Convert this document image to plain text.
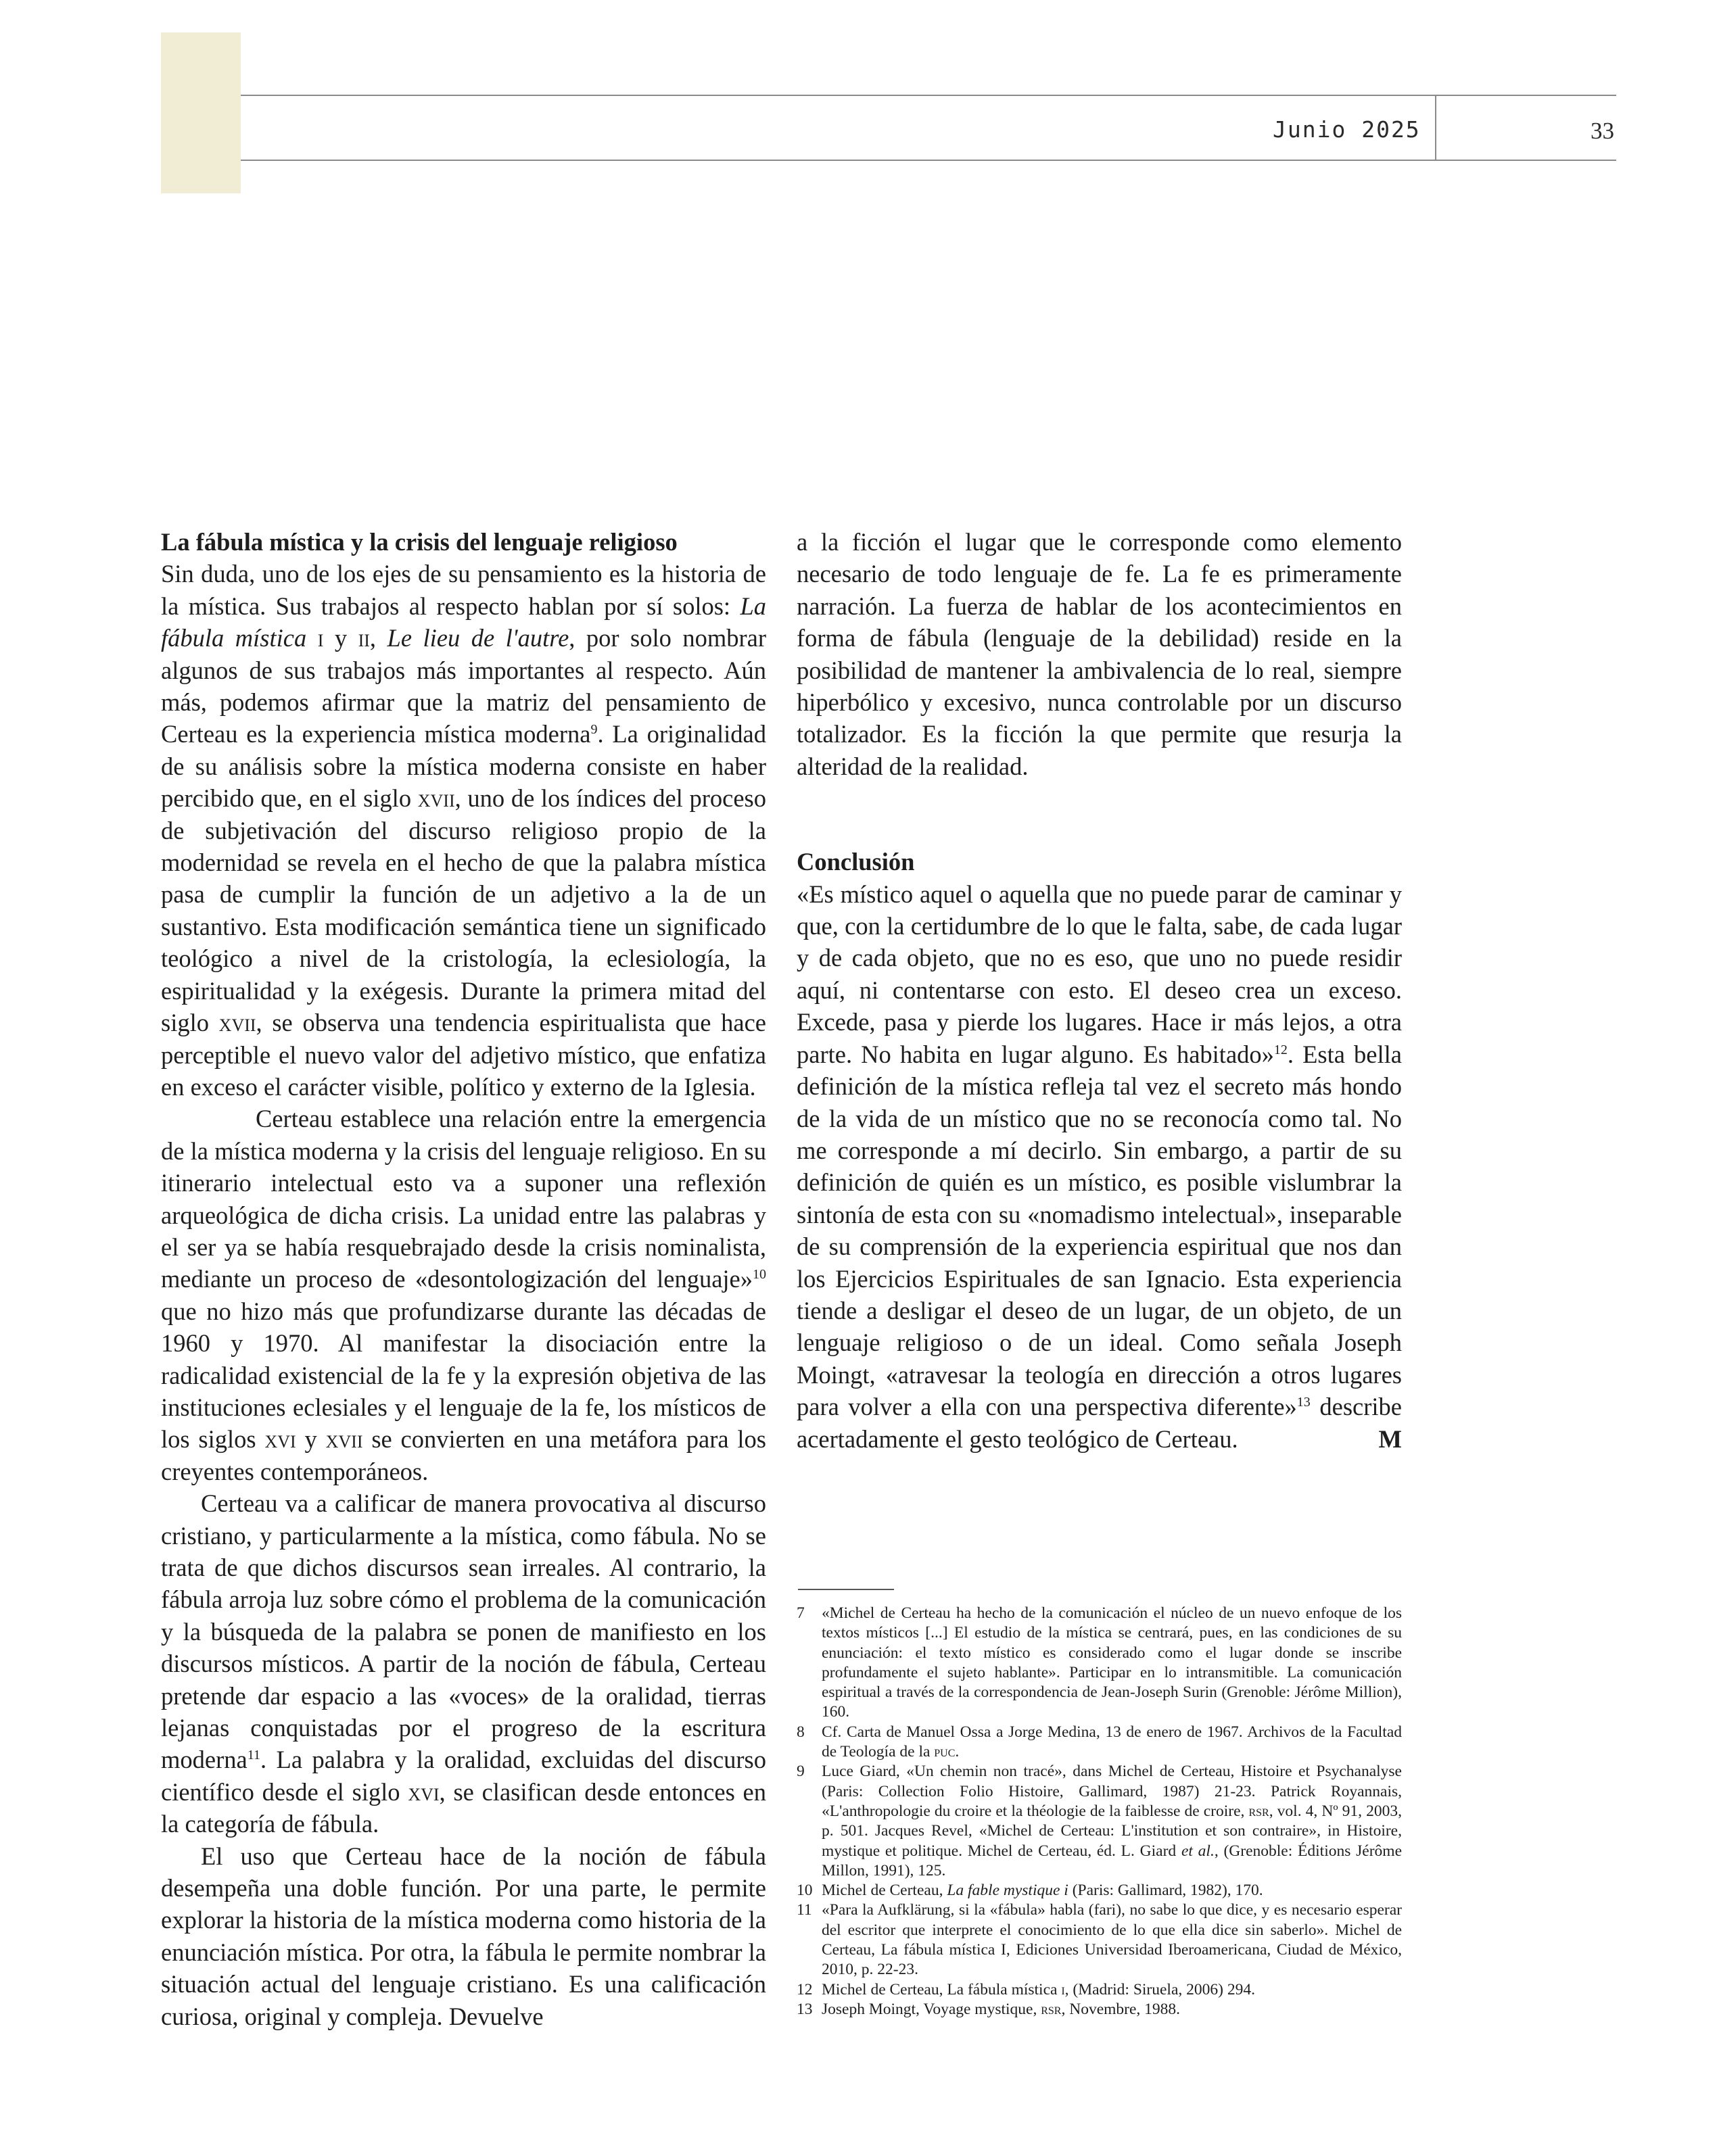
Junio 2025	33
La fábula mística y la crisis del lenguaje religioso

Sin duda, uno de los ejes de su pensamiento es la historia de la mística. Sus trabajos al respecto hablan por sí solos: La fábula mística i y ii, Le lieu de l'autre, por solo nombrar algunos de sus trabajos más importantes al respecto. Aún más, podemos afirmar que la matriz del pensamiento de Certeau es la experiencia mística moderna$^9$. La originalidad de su análisis sobre la mística moderna consiste en haber percibido que, en el siglo xvii, uno de los índices del proceso de subjetivación del discurso religioso propio de la modernidad se revela en el hecho de que la palabra mística pasa de cumplir la función de un adjetivo a la de un sustantivo. Esta modificación semántica tiene un significado teológico a nivel de la cristología, la eclesiología, la espiritualidad y la exégesis. Durante la primera mitad del siglo xvii, se observa una tendencia espiritualista que hace perceptible el nuevo valor del adjetivo místico, que enfatiza en exceso el carácter visible, político y externo de la Iglesia.

Certeau establece una relación entre la emergencia de la mística moderna y la crisis del lenguaje religioso. En su itinerario intelectual esto va a suponer una reflexión arqueológica de dicha crisis. La unidad entre las palabras y el ser ya se había resquebrajado desde la crisis nominalista, mediante un proceso de «desontologización del lenguaje»$^{10}$ que no hizo más que profundizarse durante las décadas de 1960 y 1970. Al manifestar la disociación entre la radicalidad existencial de la fe y la expresión objetiva de las instituciones eclesiales y el lenguaje de la fe, los místicos de los siglos xvi y xvii se convierten en una metáfora para los creyentes contemporáneos.

Certeau va a calificar de manera provocativa al discurso cristiano, y particularmente a la mística, como fábula. No se trata de que dichos discursos sean irreales. Al contrario, la fábula arroja luz sobre cómo el problema de la comunicación y la búsqueda de la palabra se ponen de manifiesto en los discursos místicos. A partir de la noción de fábula, Certeau pretende dar espacio a las «voces» de la oralidad, tierras lejanas conquistadas por el progreso de la escritura moderna$^{11}$. La palabra y la oralidad, excluidas del discurso científico desde el siglo xvi, se clasifican desde entonces en la categoría de fábula.

El uso que Certeau hace de la noción de fábula desempeña una doble función. Por una parte, le permite explorar la historia de la mística moderna como historia de la enunciación mística. Por otra, la fábula le permite nombrar la situación actual del lenguaje cristiano. Es una calificación curiosa, original y compleja. Devuelve

a la ficción el lugar que le corresponde como elemento necesario de todo lenguaje de fe. La fe es primeramente narración. La fuerza de hablar de los acontecimientos en forma de fábula (lenguaje de la debilidad) reside en la posibilidad de mantener la ambivalencia de lo real, siempre hiperbólico y excesivo, nunca controlable por un discurso totalizador. Es la ficción la que permite que resurja la alteridad de la realidad.

Conclusión

«Es místico aquel o aquella que no puede parar de caminar y que, con la certidumbre de lo que le falta, sabe, de cada lugar y de cada objeto, que no es eso, que uno no puede residir aquí, ni contentarse con esto. El deseo crea un exceso. Excede, pasa y pierde los lugares. Hace ir más lejos, a otra parte. No habita en lugar alguno. Es habitado»$^{12}$. Esta bella definición de la mística refleja tal vez el secreto más hondo de la vida de un místico que no se reconocía como tal. No me corresponde a mí decirlo. Sin embargo, a partir de su definición de quién es un místico, es posible vislumbrar la sintonía de esta con su «nomadismo intelectual», inseparable de su comprensión de la experiencia espiritual que nos dan los Ejercicios Espirituales de san Ignacio. Esta experiencia tiende a desligar el deseo de un lugar, de un objeto, de un lenguaje religioso o de un ideal. Como señala Joseph Moingt, «atravesar la teología en dirección a otros lugares para volver a ella con una perspectiva diferente»$^{13}$ describe acertadamente el gesto teológico de Certeau.	M

7	«Michel de Certeau ha hecho de la comunicación el núcleo de un nuevo enfoque de los textos místicos [...] El estudio de la mística se centrará, pues, en las condiciones de su enunciación: el texto místico es considerado como el lugar donde se inscribe profundamente el sujeto hablante». Participar en lo intransmitible. La comunicación espiritual a través de la correspondencia de Jean-Joseph Surin (Grenoble: Jérôme Million), 160.
8	Cf. Carta de Manuel Ossa a Jorge Medina, 13 de enero de 1967. Archivos de la Facultad de Teología de la puc.
9	Luce Giard, «Un chemin non tracé», dans Michel de Certeau, Histoire et Psychanalyse (Paris: Collection Folio Histoire, Gallimard, 1987) 21-23. Patrick Royannais, «L'anthropologie du croire et la théologie de la faiblesse de croire, rsr, vol. 4, Nº 91, 2003, p. 501. Jacques Revel, «Michel de Certeau: L'institution et son contraire», in Histoire, mystique et politique. Michel de Certeau, éd. L. Giard et al., (Grenoble: Éditions Jérôme Millon, 1991), 125.
10 Michel de Certeau, La fable mystique i (Paris: Gallimard, 1982), 170.
11 «Para la Aufklärung, si la «fábula» habla (fari), no sabe lo que dice, y es necesario esperar del escritor que interprete el conocimiento de lo que ella dice sin saberlo». Michel de Certeau, La fábula mística I, Ediciones Universidad Iberoamericana, Ciudad de México, 2010, p. 22-23.
12 Michel de Certeau, La fábula mística i, (Madrid: Siruela, 2006) 294.
13 Joseph Moingt, Voyage mystique, rsr, Novembre, 1988.
